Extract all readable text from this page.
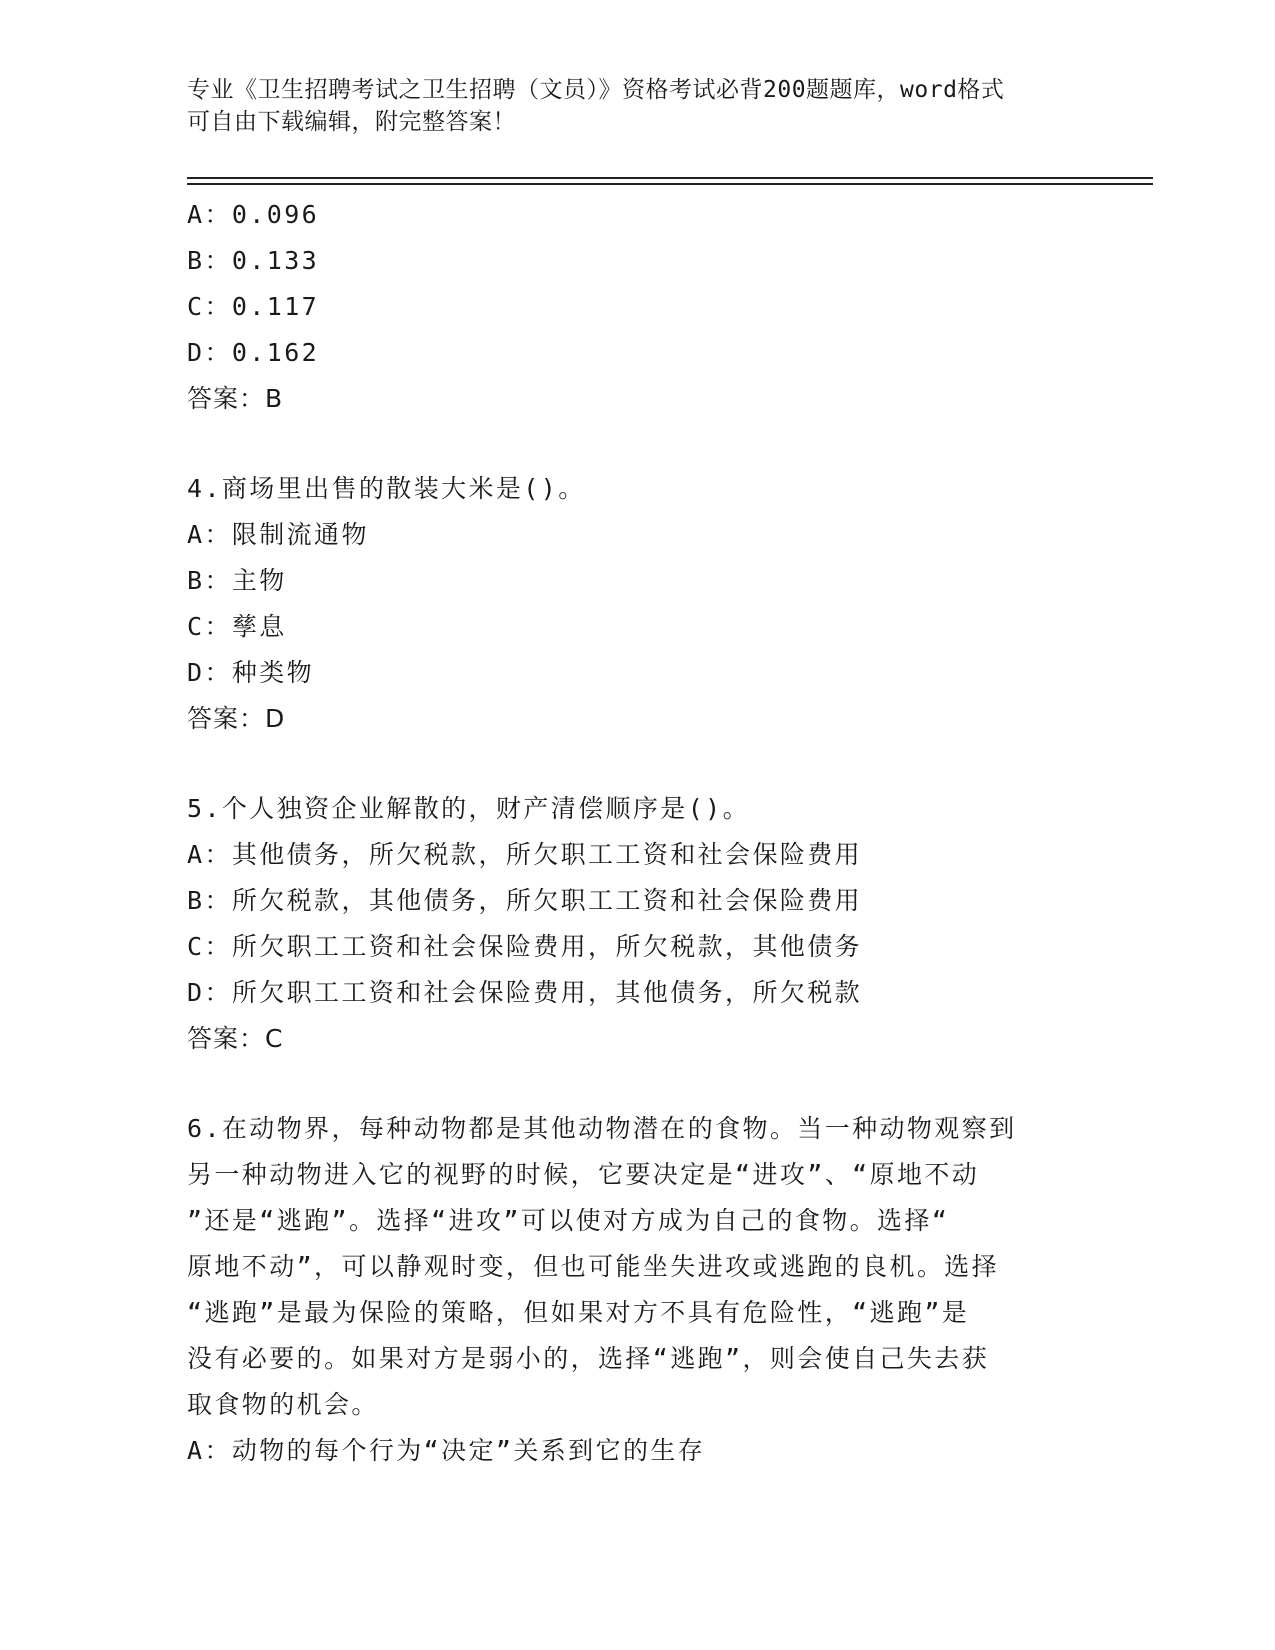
专业《卫生招聘考试之卫生招聘（文员）》资格考试必背200题题库，word格式
可自由下载编辑，附完整答案！
A：0.096
B：0.133
C：0.117
D：0.162
答案：B
4.商场里出售的散装大米是()。
A：限制流通物
B：主物
C：孳息
D：种类物
答案：D
5.个人独资企业解散的，财产清偿顺序是()。
A：其他债务，所欠税款，所欠职工工资和社会保险费用
B：所欠税款，其他债务，所欠职工工资和社会保险费用
C：所欠职工工资和社会保险费用，所欠税款，其他债务
D：所欠职工工资和社会保险费用，其他债务，所欠税款
答案：C
6.在动物界，每种动物都是其他动物潜在的食物。当一种动物观察到
另一种动物进入它的视野的时候，它要决定是“进攻”、“原地不动
”还是“逃跑”。选择“进攻”可以使对方成为自己的食物。选择“
原地不动”，可以静观时变，但也可能坐失进攻或逃跑的良机。选择
“逃跑”是最为保险的策略，但如果对方不具有危险性，“逃跑”是
没有必要的。如果对方是弱小的，选择“逃跑”，则会使自己失去获
取食物的机会。
A：动物的每个行为“决定”关系到它的生存
